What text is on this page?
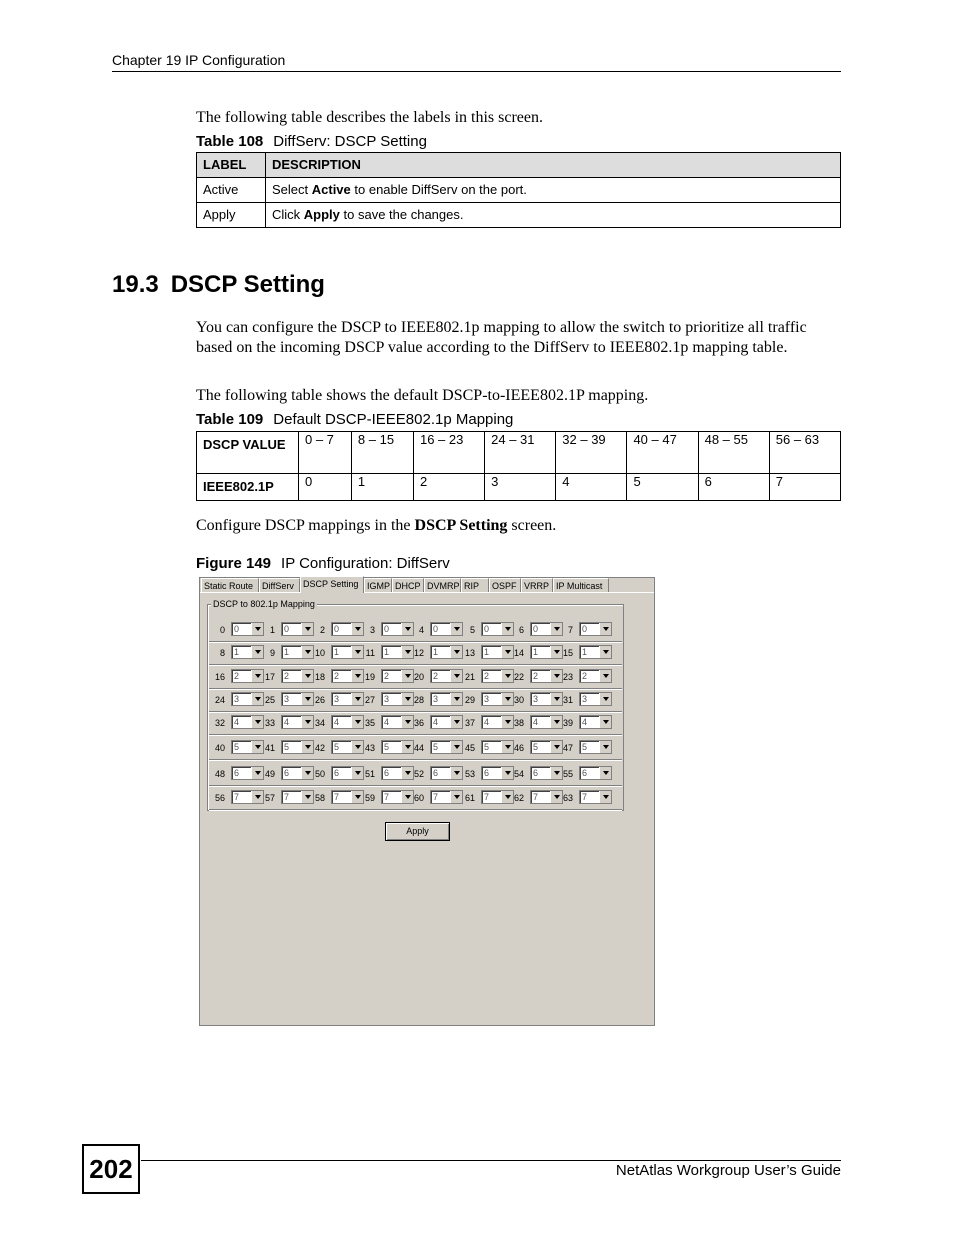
Chapter 19 IP Configuration
The following table describes the labels in this screen.
Table 108 DiffServ: DSCP Setting
LABEL	DESCRIPTION
Active	Select Active to enable DiffServ on the port.
Apply	Click Apply to save the changes.
19.3 DSCP Setting
You can configure the DSCP to IEEE802.1p mapping to allow the switch to prioritize all traffic based on the incoming DSCP value according to the DiffServ to IEEE802.1p mapping table.
The following table shows the default DSCP-to-IEEE802.1P mapping.
Table 109 Default DSCP-IEEE802.1p Mapping
DSCP VALUE	0 – 7	8 – 15	16 – 23	24 – 31	32 – 39	40 – 47	48 – 55	56 – 63
IEEE802.1P	0	1	2	3	4	5	6	7
Configure DSCP mappings in the DSCP Setting screen.
Figure 149 IP Configuration: DiffServ
Static Route DiffServ	DSCP Setting IGMP DHCP DVMRP RIP	OSPF VRRP IP Multicast
DSCP to 802.1p Mapping
0	0	1	0	2	0	3	0	4	0	5	0	6	0	7	0
8	1	9	1	10	1	11	1	12	1	13	1	14	1	15	1
16	2	17	2	18	2	19	2	20	2	21	2	22	2	23	2
24	3	25	3	26	3	27	3	28	3	29	3	30	3	31	3
32	4	33	4	34	4	35	4	36	4	37	4	38	4	39	4
40	5	41	5	42	5	43	5	44	5	45	5	46	5	47	5
48	6	49	6	50	6	51	6	52	6	53	6	54	6	55	6
56	7	57	7	58	7	59	7	60	7	61	7	62	7	63	7
Apply
202	NetAtlas Workgroup User’s Guide
